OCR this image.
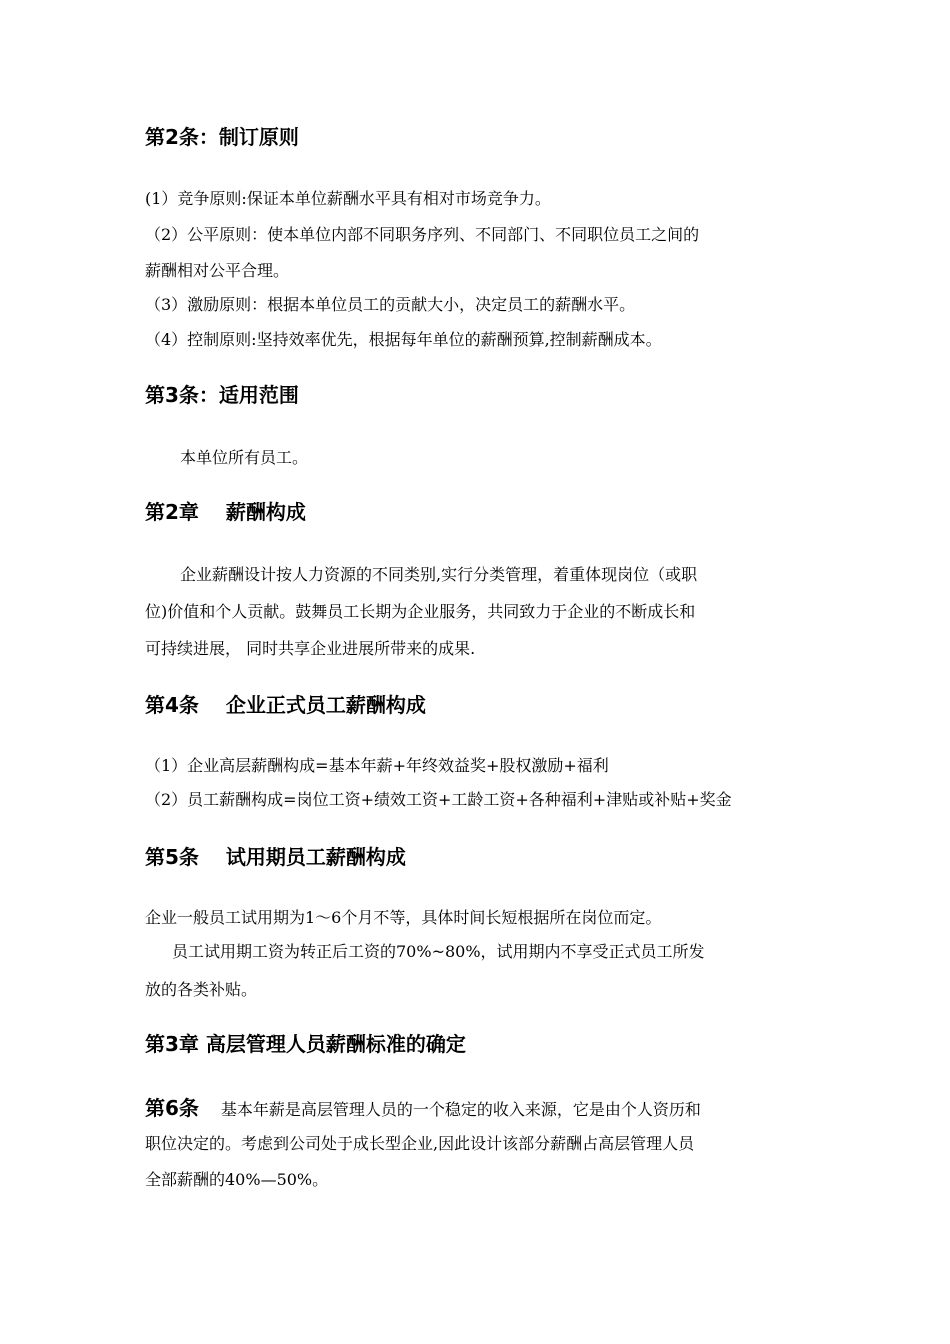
第2条：制订原则
(1）竞争原则:保证本单位薪酬水平具有相对市场竞争力。
（2）公平原则：使本单位内部不同职务序列、不同部门、不同职位员工之间的
薪酬相对公平合理。
（3）激励原则：根据本单位员工的贡献大小，决定员工的薪酬水平。
（4）控制原则:坚持效率优先，根据每年单位的薪酬预算,控制薪酬成本。
第3条：适用范围
本单位所有员工。
第2章　 薪酬构成
企业薪酬设计按人力资源的不同类别,实行分类管理，着重体现岗位（或职
位)价值和个人贡献。鼓舞员工长期为企业服务，共同致力于企业的不断成长和
可持续进展， 同时共享企业进展所带来的成果.
第4条　 企业正式员工薪酬构成
（1）企业高层薪酬构成=基本年薪+年终效益奖+股权激励+福利
（2）员工薪酬构成=岗位工资+绩效工资+工龄工资+各种福利+津贴或补贴+奖金
第5条　 试用期员工薪酬构成
企业一般员工试用期为1～6个月不等，具体时间长短根据所在岗位而定。
员工试用期工资为转正后工资的70%~80%，试用期内不享受正式员工所发
放的各类补贴。
第3章 高层管理人员薪酬标准的确定
第6条 基本年薪是高层管理人员的一个稳定的收入来源，它是由个人资历和
职位决定的。考虑到公司处于成长型企业,因此设计该部分薪酬占高层管理人员
全部薪酬的40%—50%。
